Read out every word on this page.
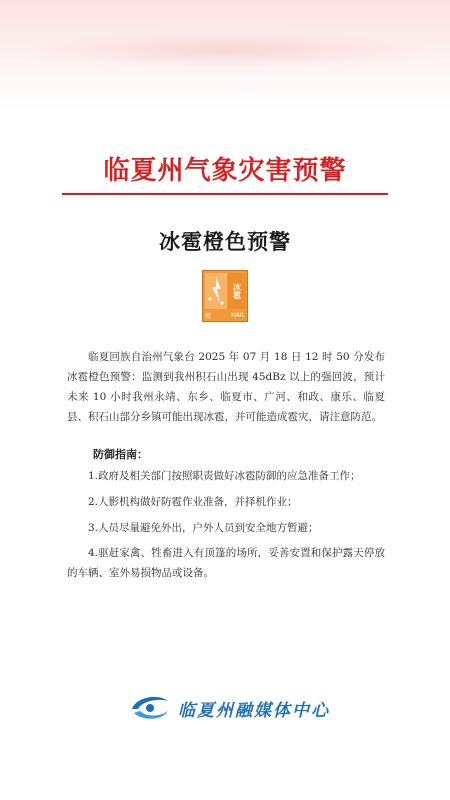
临夏州气象灾害预警
冰雹橙色预警
冰雹
橙	HAIL

临夏回族自治州气象台 2025 年 07 月 18 日 12 时 50 分发布冰雹橙色预警：监测到我州积石山出现 45dBz 以上的强回波，预计未来 10 小时我州永靖、东乡、临夏市、广河、和政、康乐、临夏县、积石山部分乡镇可能出现冰雹，并可能造成雹灾，请注意防范。

防御指南：

1.政府及相关部门按照职责做好冰雹防御的应急准备工作；

2.人影机构做好防雹作业准备，并择机作业；

3.人员尽量避免外出，户外人员到安全地方暂避；

4.驱赶家禽、牲畜进入有顶篷的场所，妥善安置和保护露天停放的车辆、室外易损物品或设备。

临夏州融媒体中心
